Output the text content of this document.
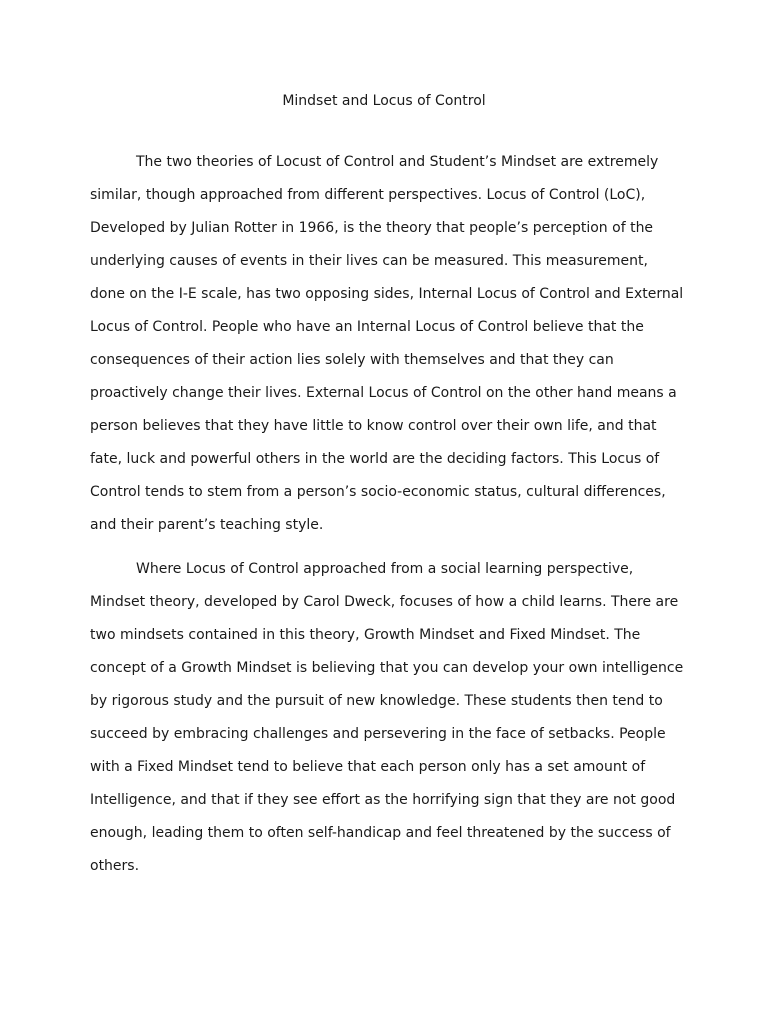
Mindset and Locus of Control
The two theories of Locust of Control and Student’s Mindset are extremely
similar, though approached from different perspectives. Locus of Control (LoC),
Developed by Julian Rotter in 1966, is the theory that people’s perception of the
underlying causes of events in their lives can be measured. This measurement,
done on the I-E scale, has two opposing sides, Internal Locus of Control and External
Locus of Control. People who have an Internal Locus of Control believe that the
consequences of their action lies solely with themselves and that they can
proactively change their lives. External Locus of Control on the other hand means a
person believes that they have little to know control over their own life, and that
fate, luck and powerful others in the world are the deciding factors. This Locus of
Control tends to stem from a person’s socio-economic status, cultural differences,
and their parent’s teaching style.
Where Locus of Control approached from a social learning perspective,
Mindset theory, developed by Carol Dweck, focuses of how a child learns. There are
two mindsets contained in this theory, Growth Mindset and Fixed Mindset. The
concept of a Growth Mindset is believing that you can develop your own intelligence
by rigorous study and the pursuit of new knowledge. These students then tend to
succeed by embracing challenges and persevering in the face of setbacks. People
with a Fixed Mindset tend to believe that each person only has a set amount of
Intelligence, and that if they see effort as the horrifying sign that they are not good
enough, leading them to often self-handicap and feel threatened by the success of
others.
